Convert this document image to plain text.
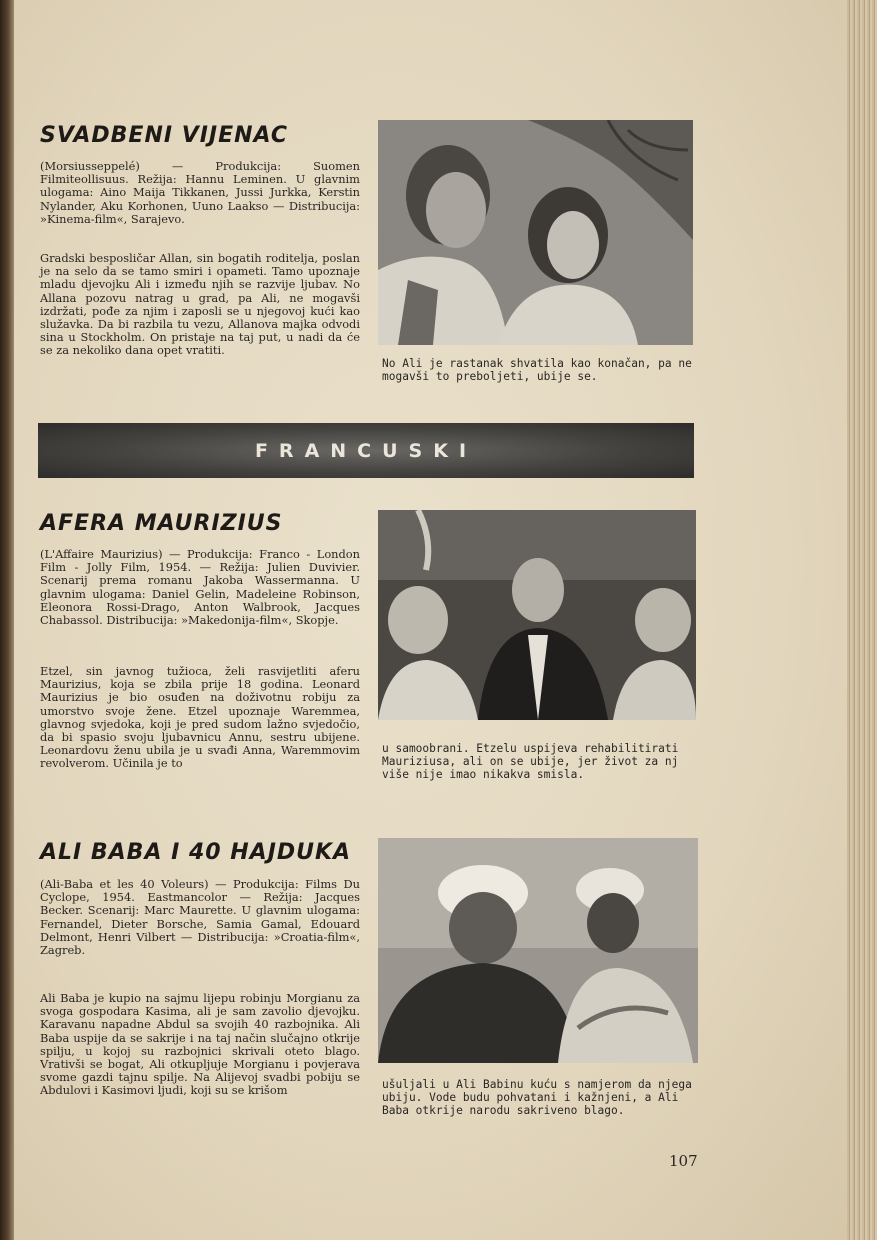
SVADBENI VIJENAC

(Morsiusseppelé) — Produkcija: Suomen Filmiteollisuus. Režija: Hannu Leminen. U glavnim ulogama: Aino Maija Tikkanen, Jussi Jurkka, Kerstin Nylander, Aku Korhonen, Uuno Laakso — Distribucija: »Kinema-film«, Sarajevo.

Gradski besposličar Allan, sin bogatih roditelja, poslan je na selo da se tamo smiri i opameti. Tamo upoznaje mladu djevojku Ali i između njih se razvije ljubav. No Allana pozovu natrag u grad, pa Ali, ne mogavši izdržati, pođe za njim i zaposli se u njegovoj kući kao služavka. Da bi razbila tu vezu, Allanova majka odvodi sina u Stockholm. On pristaje na taj put, u nadi da će se za nekoliko dana opet vratiti.

No Ali je rastanak shvatila kao konačan, pa ne mogavši to preboljeti, ubije se.

FRANCUSKI
AFERA MAURIZIUS

(L'Affaire Maurizius) — Produkcija: Franco - London Film - Jolly Film, 1954. — Režija: Julien Duvivier. Scenarij prema romanu Jakoba Wassermanna. U glavnim ulogama: Daniel Gelin, Madeleine Robinson, Eleonora Rossi-Drago, Anton Walbrook, Jacques Chabassol. Distribucija: »Makedonija-film«, Skopje.

Etzel, sin javnog tužioca, želi rasvijetliti aferu Maurizius, koja se zbila prije 18 godina. Leonard Maurizius je bio osuđen na doživotnu robiju za umorstvo svoje žene. Etzel upoznaje Waremmea, glavnog svjedoka, koji je pred sudom lažno svjedočio, da bi spasio svoju ljubavnicu Annu, sestru ubijene. Leonardovu ženu ubila je u svađi Anna, Waremmovim revolverom. Učinila je to

u samoobrani. Etzelu uspijeva rehabilitirati Mauriziusa, ali on se ubije, jer život za nj više nije imao nikakva smisla.

ALI BABA I 40 HAJDUKA

(Ali-Baba et les 40 Voleurs) — Produkcija: Films Du Cyclope, 1954. Eastmancolor — Režija: Jacques Becker. Scenarij: Marc Maurette. U glavnim ulogama: Fernandel, Dieter Borsche, Samia Gamal, Edouard Delmont, Henri Vilbert — Distribucija: »Croatia-film«, Zagreb.

Ali Baba je kupio na sajmu lijepu robinju Morgianu za svoga gospodara Kasima, ali je sam zavolio djevojku. Karavanu napadne Abdul sa svojih 40 razbojnika. Ali Baba uspije da se sakrije i na taj način slučajno otkrije spilju, u kojoj su razbojnici skrivali oteto blago. Vrativši se bogat, Ali otkupljuje Morgianu i povjerava svome gazdi tajnu spilje. Na Alijevoj svadbi pobiju se Abdulovi i Kasimovi ljudi, koji su se krišom	ušuljali u Ali Babinu kuću s namjerom da njega ubiju. Vode budu pohvatani i kažnjeni, a Ali Baba otkrije narodu sakriveno blago.

107
